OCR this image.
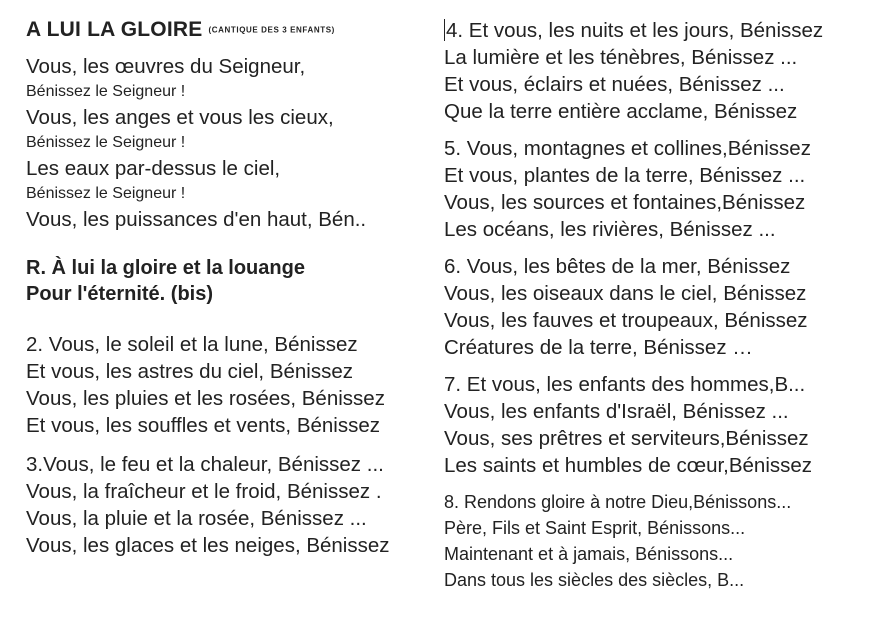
A LUI LA GLOIRE (CANTIQUE DES 3 ENFANTS)
Vous, les œuvres du Seigneur,
Bénissez le Seigneur !
Vous, les anges et vous les cieux,
Bénissez le Seigneur !
Les eaux par-dessus le ciel,
Bénissez le Seigneur !
Vous, les puissances d'en haut, Bén..
R. À lui la gloire et la louange
Pour l'éternité. (bis)
2. Vous, le soleil et la lune, Bénissez
Et vous, les astres du ciel, Bénissez
Vous, les pluies et les rosées, Bénissez
Et vous, les souffles et vents, Bénissez
3.Vous, le feu et la chaleur, Bénissez ...
Vous, la fraîcheur et le froid, Bénissez .
Vous, la pluie et la rosée, Bénissez ...
Vous, les glaces et les neiges, Bénissez
4. Et vous, les nuits et les jours, Bénissez
La lumière et les ténèbres, Bénissez ...
Et vous, éclairs et nuées, Bénissez ...
Que la terre entière acclame, Bénissez
5. Vous, montagnes et collines,Bénissez
Et vous, plantes de la terre, Bénissez ...
Vous, les sources et fontaines,Bénissez
Les océans, les rivières, Bénissez ...
6. Vous, les bêtes de la mer, Bénissez
Vous, les oiseaux dans le ciel, Bénissez
Vous, les fauves et troupeaux, Bénissez
Créatures de la terre, Bénissez …
7. Et vous, les enfants des hommes,B...
Vous, les enfants d'Israël, Bénissez ...
Vous, ses prêtres et serviteurs,Bénissez
Les saints et humbles de cœur,Bénissez
8. Rendons gloire à notre Dieu,Bénissons...
Père, Fils et Saint Esprit, Bénissons...
Maintenant et à jamais, Bénissons...
Dans tous les siècles des siècles, B...
